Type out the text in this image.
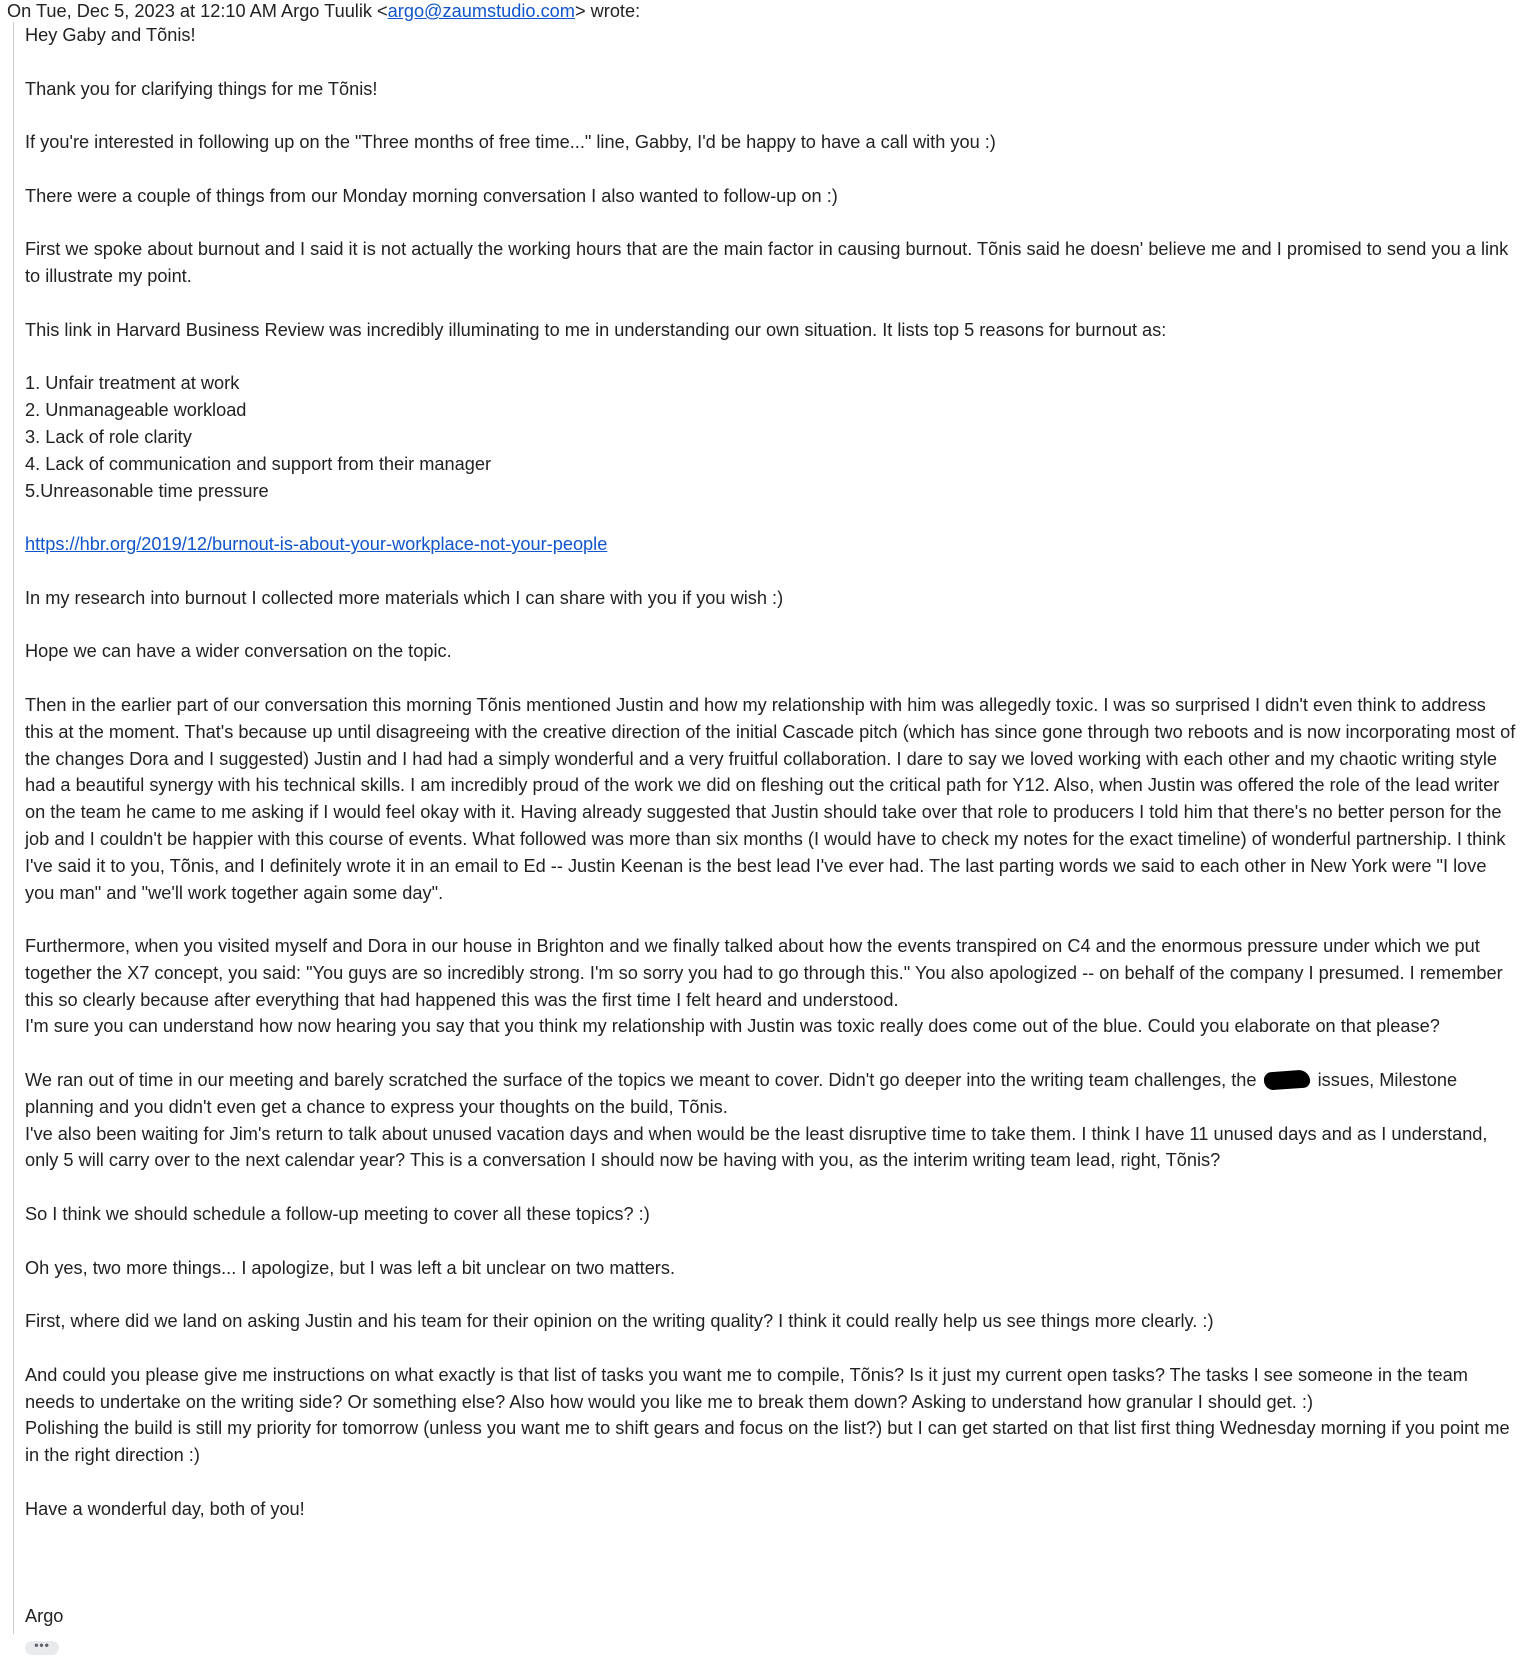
On Tue, Dec 5, 2023 at 12:10 AM Argo Tuulik <argo@zaumstudio.com> wrote:

Hey Gaby and Tõnis!

Thank you for clarifying things for me Tõnis!

If you're interested in following up on the "Three months of free time..." line, Gabby, I'd be happy to have a call with you :)

There were a couple of things from our Monday morning conversation I also wanted to follow-up on :)

First we spoke about burnout and I said it is not actually the working hours that are the main factor in causing burnout. Tõnis said he doesn' believe me and I promised to send you a link to illustrate my point.

This link in Harvard Business Review was incredibly illuminating to me in understanding our own situation. It lists top 5 reasons for burnout as:

1. Unfair treatment at work

2. Unmanageable workload

3. Lack of role clarity

4. Lack of communication and support from their manager

5.Unreasonable time pressure

https://hbr.org/2019/12/burnout-is-about-your-workplace-not-your-people

In my research into burnout I collected more materials which I can share with you if you wish :)

Hope we can have a wider conversation on the topic.

Then in the earlier part of our conversation this morning Tõnis mentioned Justin and how my relationship with him was allegedly toxic. I was so surprised I didn't even think to address this at the moment. That's because up until disagreeing with the creative direction of the initial Cascade pitch (which has since gone through two reboots and is now incorporating most of the changes Dora and I suggested) Justin and I had had a simply wonderful and a very fruitful collaboration. I dare to say we loved working with each other and my chaotic writing style had a beautiful synergy with his technical skills. I am incredibly proud of the work we did on fleshing out the critical path for Y12. Also, when Justin was offered the role of the lead writer on the team he came to me asking if I would feel okay with it. Having already suggested that Justin should take over that role to producers I told him that there's no better person for the job and I couldn't be happier with this course of events. What followed was more than six months (I would have to check my notes for the exact timeline) of wonderful partnership. I think I've said it to you, Tõnis, and I definitely wrote it in an email to Ed -- Justin Keenan is the best lead I've ever had. The last parting words we said to each other in New York were "I love you man" and "we'll work together again some day".

Furthermore, when you visited myself and Dora in our house in Brighton and we finally talked about how the events transpired on C4 and the enormous pressure under which we put together the X7 concept, you said: "You guys are so incredibly strong. I'm so sorry you had to go through this." You also apologized -- on behalf of the company I presumed. I remember this so clearly because after everything that had happened this was the first time I felt heard and understood.

I'm sure you can understand how now hearing you say that you think my relationship with Justin was toxic really does come out of the blue. Could you elaborate on that please?

We ran out of time in our meeting and barely scratched the surface of the topics we meant to cover. Didn't go deeper into the writing team challenges, the	issues, Milestone planning and you didn't even get a chance to express your thoughts on the build, Tõnis.

I've also been waiting for Jim's return to talk about unused vacation days and when would be the least disruptive time to take them. I think I have 11 unused days and as I understand, only 5 will carry over to the next calendar year? This is a conversation I should now be having with you, as the interim writing team lead, right, Tõnis?

So I think we should schedule a follow-up meeting to cover all these topics? :)

Oh yes, two more things... I apologize, but I was left a bit unclear on two matters.

First, where did we land on asking Justin and his team for their opinion on the writing quality? I think it could really help us see things more clearly. :)

And could you please give me instructions on what exactly is that list of tasks you want me to compile, Tõnis? Is it just my current open tasks? The tasks I see someone in the team needs to undertake on the writing side? Or something else? Also how would you like me to break them down? Asking to understand how granular I should get. :)

Polishing the build is still my priority for tomorrow (unless you want me to shift gears and focus on the list?) but I can get started on that list first thing Wednesday morning if you point me in the right direction :)

Have a wonderful day, both of you!

Argo

•••
